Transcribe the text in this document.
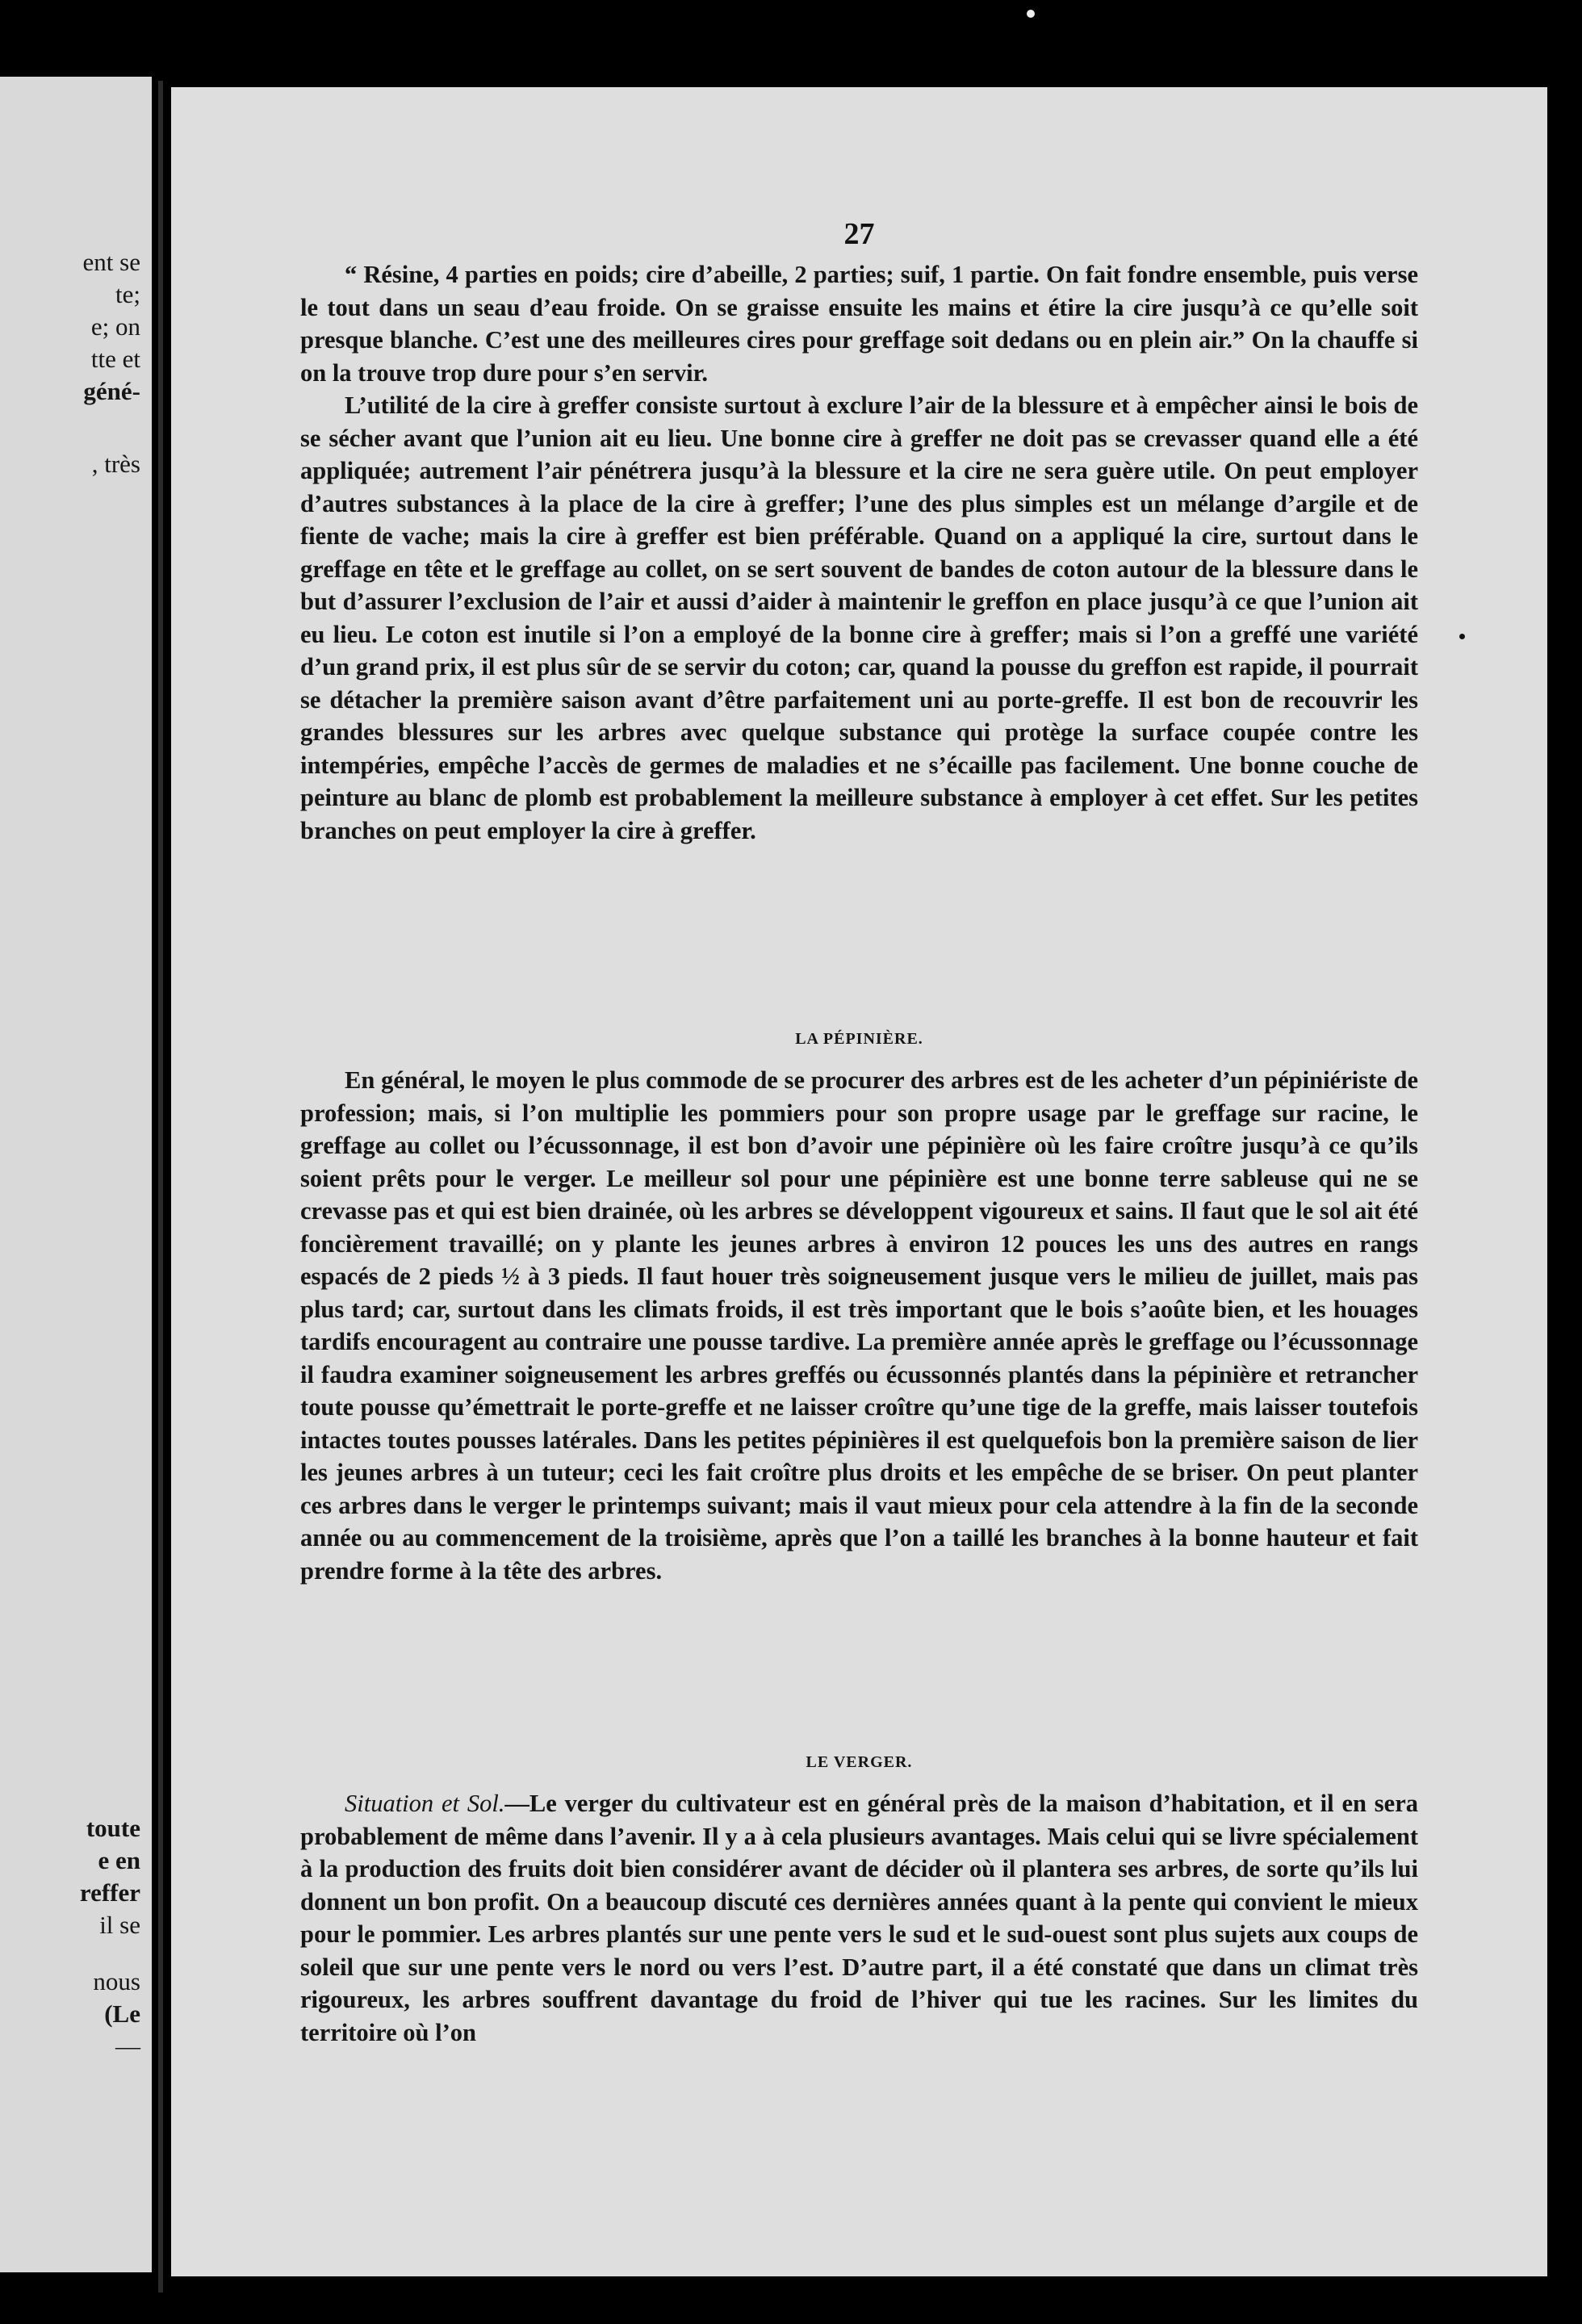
ent se
te;
e; on
tte et
géné-
, très
toute
e en
reffer
il se
nous
(Le
—
27

“ Résine, 4 parties en poids; cire d’abeille, 2 parties; suif, 1 partie. On fait fondre ensemble, puis verse le tout dans un seau d’eau froide. On se graisse ensuite les mains et étire la cire jusqu’à ce qu’elle soit presque blanche. C’est une des meilleures cires pour greffage soit dedans ou en plein air.” On la chauffe si on la trouve trop dure pour s’en servir.

L’utilité de la cire à greffer consiste surtout à exclure l’air de la blessure et à empêcher ainsi le bois de se sécher avant que l’union ait eu lieu. Une bonne cire à greffer ne doit pas se crevasser quand elle a été appliquée; autrement l’air pénétrera jusqu’à la blessure et la cire ne sera guère utile. On peut employer d’autres substances à la place de la cire à greffer; l’une des plus simples est un mélange d’argile et de fiente de vache; mais la cire à greffer est bien préférable. Quand on a appliqué la cire, surtout dans le greffage en tête et le greffage au collet, on se sert souvent de bandes de coton autour de la blessure dans le but d’assurer l’exclusion de l’air et aussi d’aider à maintenir le greffon en place jusqu’à ce que l’union ait eu lieu. Le coton est inutile si l’on a employé de la bonne cire à greffer; mais si l’on a greffé une variété d’un grand prix, il est plus sûr de se servir du coton; car, quand la pousse du greffon est rapide, il pourrait se détacher la première saison avant d’être parfaitement uni au porte-greffe. Il est bon de recouvrir les grandes blessures sur les arbres avec quelque substance qui protège la surface coupée contre les intempéries, empêche l’accès de germes de maladies et ne s’écaille pas facilement. Une bonne couche de peinture au blanc de plomb est probablement la meilleure substance à employer à cet effet. Sur les petites branches on peut employer la cire à greffer.

LA PÉPINIÈRE.

En général, le moyen le plus commode de se procurer des arbres est de les acheter d’un pépiniériste de profession; mais, si l’on multiplie les pommiers pour son propre usage par le greffage sur racine, le greffage au collet ou l’écussonnage, il est bon d’avoir une pépinière où les faire croître jusqu’à ce qu’ils soient prêts pour le verger. Le meilleur sol pour une pépinière est une bonne terre sableuse qui ne se crevasse pas et qui est bien drainée, où les arbres se développent vigoureux et sains. Il faut que le sol ait été foncièrement travaillé; on y plante les jeunes arbres à environ 12 pouces les uns des autres en rangs espacés de 2 pieds ½ à 3 pieds. Il faut houer très soigneusement jusque vers le milieu de juillet, mais pas plus tard; car, surtout dans les climats froids, il est très important que le bois s’aoûte bien, et les houages tardifs encouragent au contraire une pousse tardive. La première année après le greffage ou l’écussonnage il faudra examiner soigneusement les arbres greffés ou écussonnés plantés dans la pépinière et retrancher toute pousse qu’émettrait le porte-greffe et ne laisser croître qu’une tige de la greffe, mais laisser toutefois intactes toutes pousses latérales. Dans les petites pépinières il est quelquefois bon la première saison de lier les jeunes arbres à un tuteur; ceci les fait croître plus droits et les empêche de se briser. On peut planter ces arbres dans le verger le printemps suivant; mais il vaut mieux pour cela attendre à la fin de la seconde année ou au commencement de la troisième, après que l’on a taillé les branches à la bonne hauteur et fait prendre forme à la tête des arbres.

LE VERGER.

Situation et Sol.—Le verger du cultivateur est en général près de la maison d’habitation, et il en sera probablement de même dans l’avenir. Il y a à cela plusieurs avantages. Mais celui qui se livre spécialement à la production des fruits doit bien considérer avant de décider où il plantera ses arbres, de sorte qu’ils lui donnent un bon profit. On a beaucoup discuté ces dernières années quant à la pente qui convient le mieux pour le pommier. Les arbres plantés sur une pente vers le sud et le sud-ouest sont plus sujets aux coups de soleil que sur une pente vers le nord ou vers l’est. D’autre part, il a été constaté que dans un climat très rigoureux, les arbres souffrent davantage du froid de l’hiver qui tue les racines. Sur les limites du territoire où l’on
